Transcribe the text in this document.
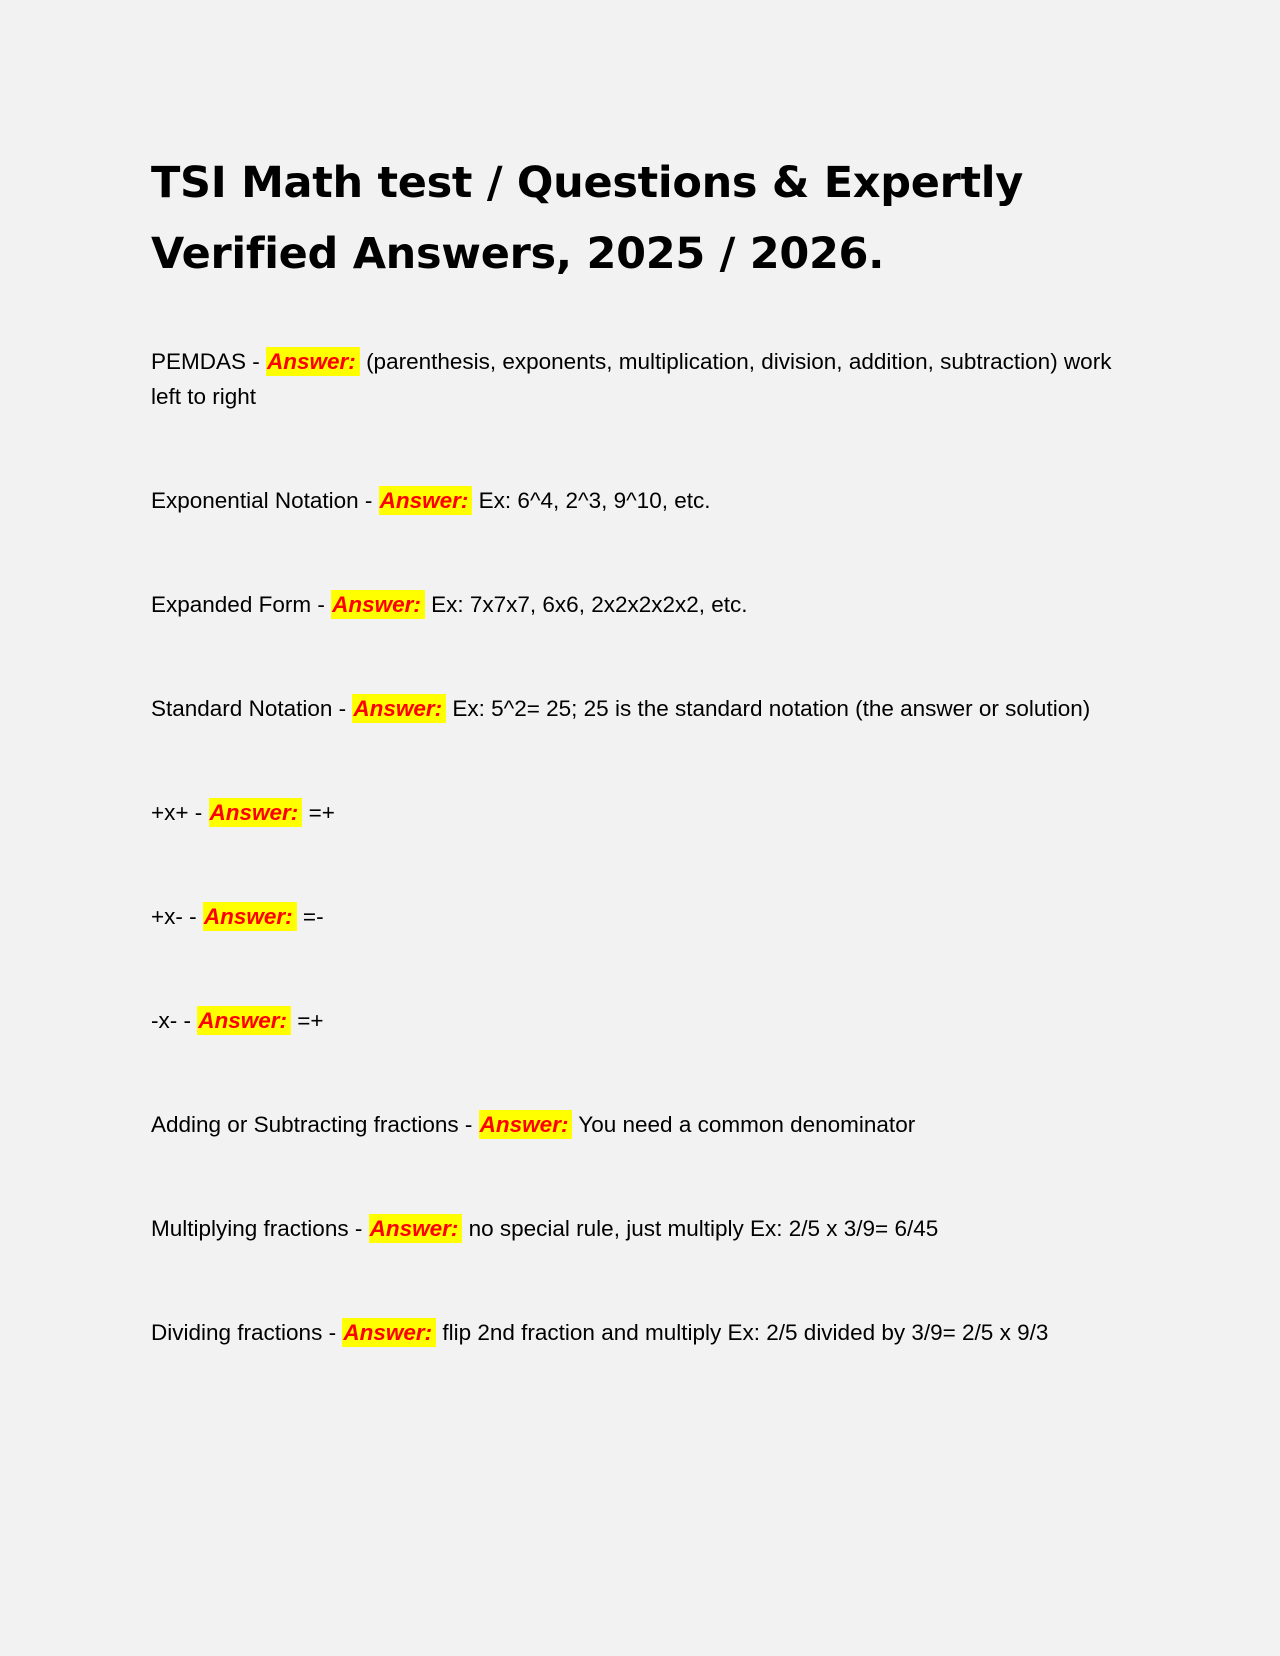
TSI Math test / Questions & Expertly Verified Answers, 2025 / 2026.

PEMDAS - Answer: (parenthesis, exponents, multiplication, division, addition, subtraction) work left to right

Exponential Notation - Answer: Ex: 6^4, 2^3, 9^10, etc.

Expanded Form - Answer: Ex: 7x7x7, 6x6, 2x2x2x2x2, etc.

Standard Notation - Answer: Ex: 5^2= 25; 25 is the standard notation (the answer or solution)

+x+ - Answer: =+

+x- - Answer: =-

-x- - Answer: =+

Adding or Subtracting fractions - Answer: You need a common denominator

Multiplying fractions - Answer: no special rule, just multiply Ex: 2/5 x 3/9= 6/45

Dividing fractions - Answer: flip 2nd fraction and multiply Ex: 2/5 divided by 3/9= 2/5 x 9/3
